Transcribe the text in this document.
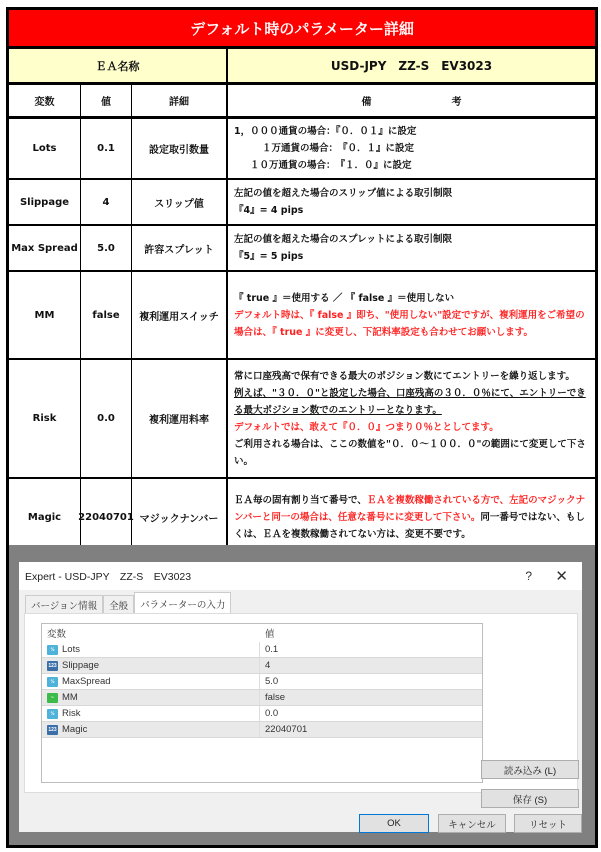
デフォルト時のパラメーター詳細
ＥＡ名称	USD-JPY　ZZ-S　EV3023
変数	値	詳細	備	考
Lots	0.1	設定取引数量
1，０００通貨の場合：『０．０１』に設定
１万通貨の場合：　『０．１』に設定
１０万通貨の場合：　『１．０』に設定
Slippage	4	スリップ値
左記の値を超えた場合のスリップ値による取引制限
『4』= 4 pips
Max Spread	5.0	許容スプレット
左記の値を超えた場合のスプレットによる取引制限
『5』= 5 pips
MM	false	複利運用スイッチ
『 true 』＝使用する ／ 『 false 』＝使用しない
デフォルト時は、『 false 』即ち、"使用しない"設定ですが、複利運用をご希望の場合は、『 true 』に変更し、下記料率設定も合わせてお願いします。
Risk	0.0	複利運用料率
常に口座残高で保有できる最大のポジション数にてエントリーを繰り返します。
例えば、"３０．０"と設定した場合、口座残高の３０．０％にて、エントリーできる最大ポジション数でのエントリーとなります。
デフォルトでは、敢えて『０．０』つまり０％ととしてます。
ご利用される場合は、ここの数値を"０．０～１００．０"の範囲にて変更して下さい。
Magic	22040701 マジックナンバー
ＥＡ毎の固有割り当て番号で、ＥＡを複数稼働されている方で、左記のマジックナンバーと同一の場合は、任意な番号にに変更して下さい。同一番号ではない、もしくは、ＥＡを複数稼働されてない方は、変更不要です。
Expert - USD-JPY　ZZ-S　EV3023	? ✕
バージョン情報	全般	パラメーターの入力
変数	値
½ Lots	0.1
123 Slippage	4
½ MaxSpread	5.0
~ MM	false
½ Risk	0.0
123 Magic	22040701
読み込み (L)
保存 (S)
OK	キャンセル	リセット
